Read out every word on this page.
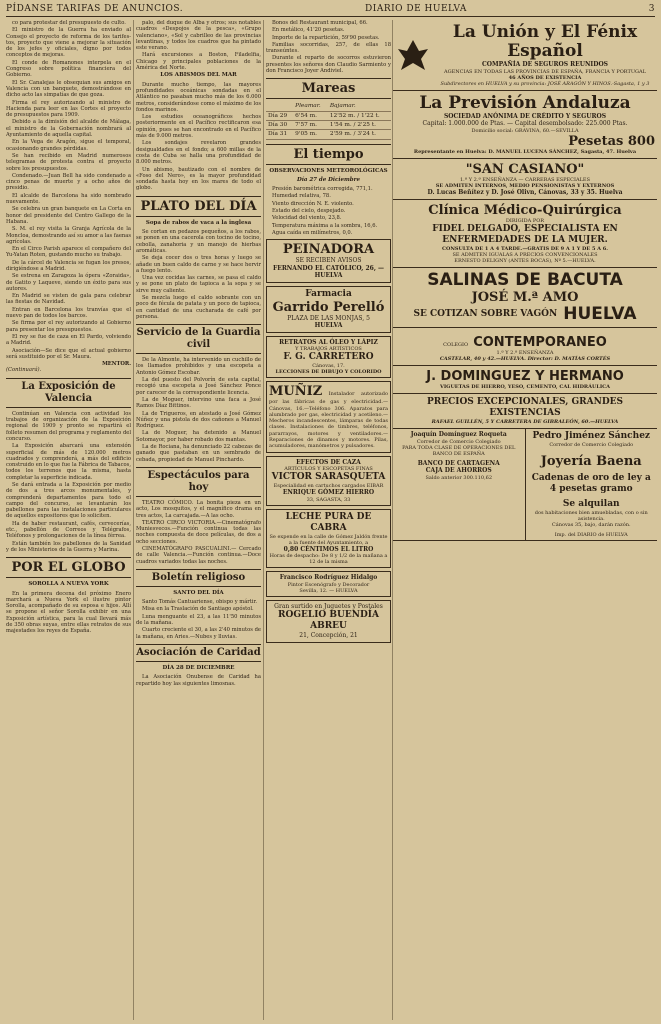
PÍDANSE TARIFAS DE ANUNCIOS.	DIARIO DE HUELVA	3

co para protestar del presupuesto de culto.

El ministro de la Guerra ha enviado al Consejo el proyecto de reforma de los tarifes-tos, proyecto que viene a mejorar la situación de los jefes y oficiales, digno por todos conceptos de mejoras.

El conde de Romanones interpela en el Congreso sobre política financiera del Gobierno.

El Sr. Canalejas le obsequian sus amigos en Valencia con un banquete, demostrándose en dicho acto las simpatías de que goza.

Firma el rey autorizando al ministro de Hacienda para leer en las Cortes el proyecto de presupuestos para 1909.

Debido a la dimisión del alcalde de Málaga, el ministro de la Gobernación nombrará al Ayuntamiento de aquella capital.

En la Vega de Aragón, sigue el temporal, ocasionando grandes pérdidas.

Se han recibido en Madrid numerosos telegramas de protesta contra el proyecto sobre los presupuestos.

Condenado.—Juan Bell ha sido condenado a cinco penas de muerte y a ocho años de presidio.

El alcalde de Barcelona ha sido nombrado nuevamente.

Se celebra un gran banquete en La Corta en honor del presidente del Centro Gallego de la Habana.

S. M. el rey visita la Granja Agrícola de la Moncloa, demostrando así su amor a las faenas agrícolas.

En el Circo Parish aparece el compañero del Yu-Yatan Roten, gustando mucho su trabajo.

De la cárcel de Valencia se fugan los presos, dirigiéndose a Madrid.

Se estrena en Zaragoza la ópera «Zoraida», de Gatito y Laqueve, siendo un éxito para sus autores.

En Madrid se visten de gala para celebrar las fiestas de Navidad.

Entran en Barcelona los tranvías que el nuevo pan de todos los barcos.

Se firma por el rey autorizando al Gobierno para presentar los presupuestos.

El rey se fue de caza en El Pardo, volviendo a Madrid.

Asociación—Se dice que el actual gobierno será sustituido por el Sr. Maura.

MENTOR.
(Continuará).
La Exposición de Valencia

Continúan en Valencia con actividad los trabajos de organización de la Exposición regional de 1909 y pronto se repartirá el folleto resumen del programa y reglamento del concurso.

La Exposición abarcará una extensión superficial de más de 120.000 metros cuadrados y comprenderá, a más del edificio construido en lo que fue la Fábrica de Tabacos, todos los terrenos que la misma, hasta completar la superficie indicada.

Se dará entrada a la Exposición por medio de dos a tres arcos monumentales, y comprenderá departamentos para todo el campo del concurso, se levantarán los pabellones para las instalaciones particulares de aquellos expositores que lo soliciten.

Ha de haber restaurant, cafés, cervecerías, etc., pabellón de Correos y Telégrafos, Teléfonos y prolongaciones de la línea férrea.

Están también los pabellones de la Sanidad y de los Ministerios de la Guerra y Marina.

POR EL GLOBO
SOROLLA A NUEVA YORK

En la primera decena del próximo Enero marchará a Nueva York el ilustre pintor Sorolla, acompañado de su esposa e hijos. Allí se propone el señor Sorolla exhibir en una Exposición artística, para la cual llevará más de 350 obras suyas, entre ellas retratos de sus majestades los reyes de España.

palo, del duque de Alba y otros; sus notables cuadros «Despojos de la pesca», «Grupo valenciano», «Sol y cabrilleo de las provincias levantinas, y todos los cuadros que ha pintado este verano.

Hará excursiones a Boston, Filadelfia, Chicago y principales poblaciones de la América del Norte.

LOS ABISMOS DEL MAR

Durante mucho tiempo, las mayores profundidades oceánicas sondadas en el Atlántico no pasaban mucho más de los 6.000 metros, considerándose como el máximo de los fondos marinos.

Los estudios oceanográficos hechos posteriormente en el Pacífico rectificaron esa opinión, pues se han encontrado en el Pacífico más de 9.000 metros.

Los sondajes revelaron grandes desigualdades en el fondo; a 600 millas de la costa de Cuba se halla una profundidad de 8.000 metros.

Un abismo, bautizado con el nombre de «Foso del Nero», es la mayor profundidad sondada hasta hoy en los mares de todo el globo.

PLATO DEL DÍA
Sopa de rabos de vaca a la inglesa

Se cortan en pedazos pequeños, a los rabos, se ponen en una cacerola con tocino de tocino, cebolla, zanahoria y un manojo de hierbas aromáticas.

Se deja cocer dos o tres horas y luego se añade un buen caldo de carne y se hace hervir a fuego lento.

Una vez cocidas las carnes, se pasa el caldo y se pone un plato de tapioca a la sopa y se sirve muy caliente.

Se mezcla luego el caldo sobrante con un poco de fécula de patata y un poco de tapioca, en cantidad de una cucharada de café por persona.

Servicio de la Guardia civil

De la Almonte, ha intervenido un cuchillo de los llamados prohibidos y una escopeta a Antonio Gómez Escobar.

La del puesto del Polvorín de esta capital, recogió una escopeta a José Sánchez Ponce por carecer de la correspondiente licencia.

La de Moguer, intervino una faca a José Ramos Díaz Bittinos.

La de Trigueros, en atestado a José Gómez Núñez y una pistola de dos cañones a Manuel Rodríguez.

La de Moguer, ha detenido a Manuel Sotomayor, por haber robado dos mantas.

La de Rociana, ha denunciado 22 cabezas de ganado que pastaban en un sembrado de cebada, propiedad de Manuel Pinchardo.

Espectáculos para hoy

TEATRO CÓMICO. La bonita pieza en un acto, Los mosquitos, y el magnífico drama en tres actos, La carcajada.—A las ocho.

TEATRO CIRCO VICTORIA.—Cinematógrafo Muniesvecos.—Función continua todas las noches compuesta de doce películas, de dos a ocho secciones.

CINEMATÓGRAFO PASCUALINI.— Cercado de calle Valencia.—Función continua.—Doce cuadros variados todas las noches.

Boletín religioso
SANTO DEL DÍA

Santo Tomás Cantuariense, obispo y mártir.

Misa en la Traslación de Santiago apóstol.

Luna menguante el 23, a las 11'50 minutos de la mañana.

Cuarto creciente el 30, a las 2'40 minutos de la mañana, en Aries.—Nubes y lluvias.

Asociación de Caridad
DÍA 28 DE DICIEMBRE

La Asociación Onubense de Caridad ha repartido hoy las siguientes limosnas.

Bonos del Restaurant municipal, 66.

En metálico, 41'20 pesetas.

Importe de la repartición, 59'90 pesetas.

Familias socorridas, 257, de ellas 18 transeúntes.

Durante el reparto de socorros estuvieron presentes los señores don Claudio Sarmiento y don Francisco Joyer Andiviel.

Mareas
	Pleamar.	Bajamar.
Día 29	6'54 m.	12'52 m. / 1'22 t.
Día 30	7'57 m.	1'54 m. / 2'25 t.
Día 31	9'05 m.	2'59 m. / 3'24 t.
El tiempo
OBSERVACIONES METEOROLÓGICAS
Día 27 de Diciembre

Presión barométrica corregida, 771,1.

Humedad relativa, 78.

Viento dirección N. E. violento.

Estado del cielo, despejado.

Velocidad del viento, 23,8.

Temperatura máxima a la sombra, 16,6.

Agua caída en milímetros, 0,0.

PEINADORA
SE RECIBEN AVISOS
FERNANDO EL CATÓLICO, 26, — HUELVA
Farmacia
Garrido Perelló
PLAZA DE LAS MONJAS, 5
HUELVA
RETRATOS AL ÓLEO Y LÁPIZ
Y TRABAJOS ARTÍSTICOS
F. G. CARRETERO
Cánovas, 17.
LECCIONES DE DIBUJO Y COLORIDO
MUÑIZ Instalador autorizado por las fábricas de gas y electricidad.—Cánovas, 16.—Teléfono 306. Aparatos para alumbrado por gas, electricidad y acetileno.—Mecheros incandescentes, lámparas de todas clases. Instalaciones de timbres, teléfonos, pararrayos, motores y ventiladores.—Reparaciones de dinamos y motores. Pilas, acumuladores, manómetros y pulsadores.
EFECTOS DE CAZA
ARTÍCULOS Y ESCOPETAS FINAS
VICTOR SARASQUETA
Especialidad en cartuchos cargados EIBAR
ENRIQUE GÓMEZ HIERRO
33, SAGASTA, 33
LECHE PURA DE CABRA
Se expende en la calle de Gómez Jaldón frente a la fuente del Ayuntamiento, a
0,80 CÉNTIMOS EL LITRO
Horas de despacho: De 8 y 1/2 de la mañana a 12 de la misma
Francisco Rodríguez Hidalgo
Pintor Escenógrafo y Decorador
Sevilla, 12. — HUELVA
Gran surtido en Juguetes y Postales
ROGELIO BUENDÍA ABREU
21, Concepción, 21
La Unión y El Fénix Español
COMPAÑÍA DE SEGUROS REUNIDOS
AGENCIAS EN TODAS LAS PROVINCIAS DE ESPAÑA, FRANCIA Y PORTUGAL
46 AÑOS DE EXISTENCIA
Subdirectores en HUELVA y su provincia: JOSÉ ARAGÓN Y HINOS.-Sagasta, 1 y 3
La Previsión Andaluza
SOCIEDAD ANÓNIMA DE CRÉDITO Y SEGUROS
Capital: 1.000.000 de Ptas. — Capital desembolsado: 225.000 Ptas.
Domicilio social: GRAVINA, 60.—SEVILLA
Pesetas 800
Representante en Huelva: D. MANUEL LUCENA SÁNCHEZ, Sagasta, 47. Huelva
"SAN CASIANO"
1.ª Y 2.ª ENSEÑANZA — CARRERAS ESPECIALES
SE ADMITEN INTERNOS, MEDIO PENSIONISTAS Y EXTERNOS
D. Lucas Beñítez y D. José Olivn, Cánovas, 33 y 35. Huelva
Clínica Médico-Quirúrgica
DIRIGIDA POR
FIDEL DELGADO, ESPECIALISTA EN ENFERMEDADES DE LA MUJER.
CONSULTA DE 1 A 4 TARDE.—GRATIS DE 9 A 1 Y DE 5 A 6.
SE ADMITEN IGUALAS A PRECIOS CONVENCIONALES
ERNESTO DELIGNY (ANTES BOCAS), Nº 5.—HUELVA.
SALINAS DE BACUTA
JOSÉ M.ª AMO
SE COTIZAN SOBRE VAGÓN HUELVA
COLEGIO CONTEMPORANEO
1.ª Y 2.ª ENSEÑANZA
CASTELAR, 40 y 42.—HUELVA. Director: D. MATÍAS CORTÉS
J. DOMINGUEZ Y HERMANO
VIGUETAS DE HIERRO, YESO, CEMENTO, CAL HIDRÁULICA
PRECIOS EXCEPCIONALES, GRANDES EXISTENCIAS
RAFAEL GUILLÉN, 5 Y CARRETERA DE GIBRALEÓN, 60.—HUELVA
Joaquín Domínguez Roqueta
Corredor de Comercio Colegiado
PARA TODA CLASE DE OPERACIONES DEL BANCO DE ESPAÑA
BANCO DE CARTAGENA
CAJA DE AHORROS
Saldo anterior 300.110,62
Pedro Jiménez Sánchez
Corredor de Comercio Colegiado
Joyería Baena
Cadenas de oro de ley a 4 pesetas gramo
Se alquilan
dos habitaciones bien amuebladas, con o sin asistencia.
Cánovas 35, bajo, darán razón.
Imp. del DIARIO de HUELVA
